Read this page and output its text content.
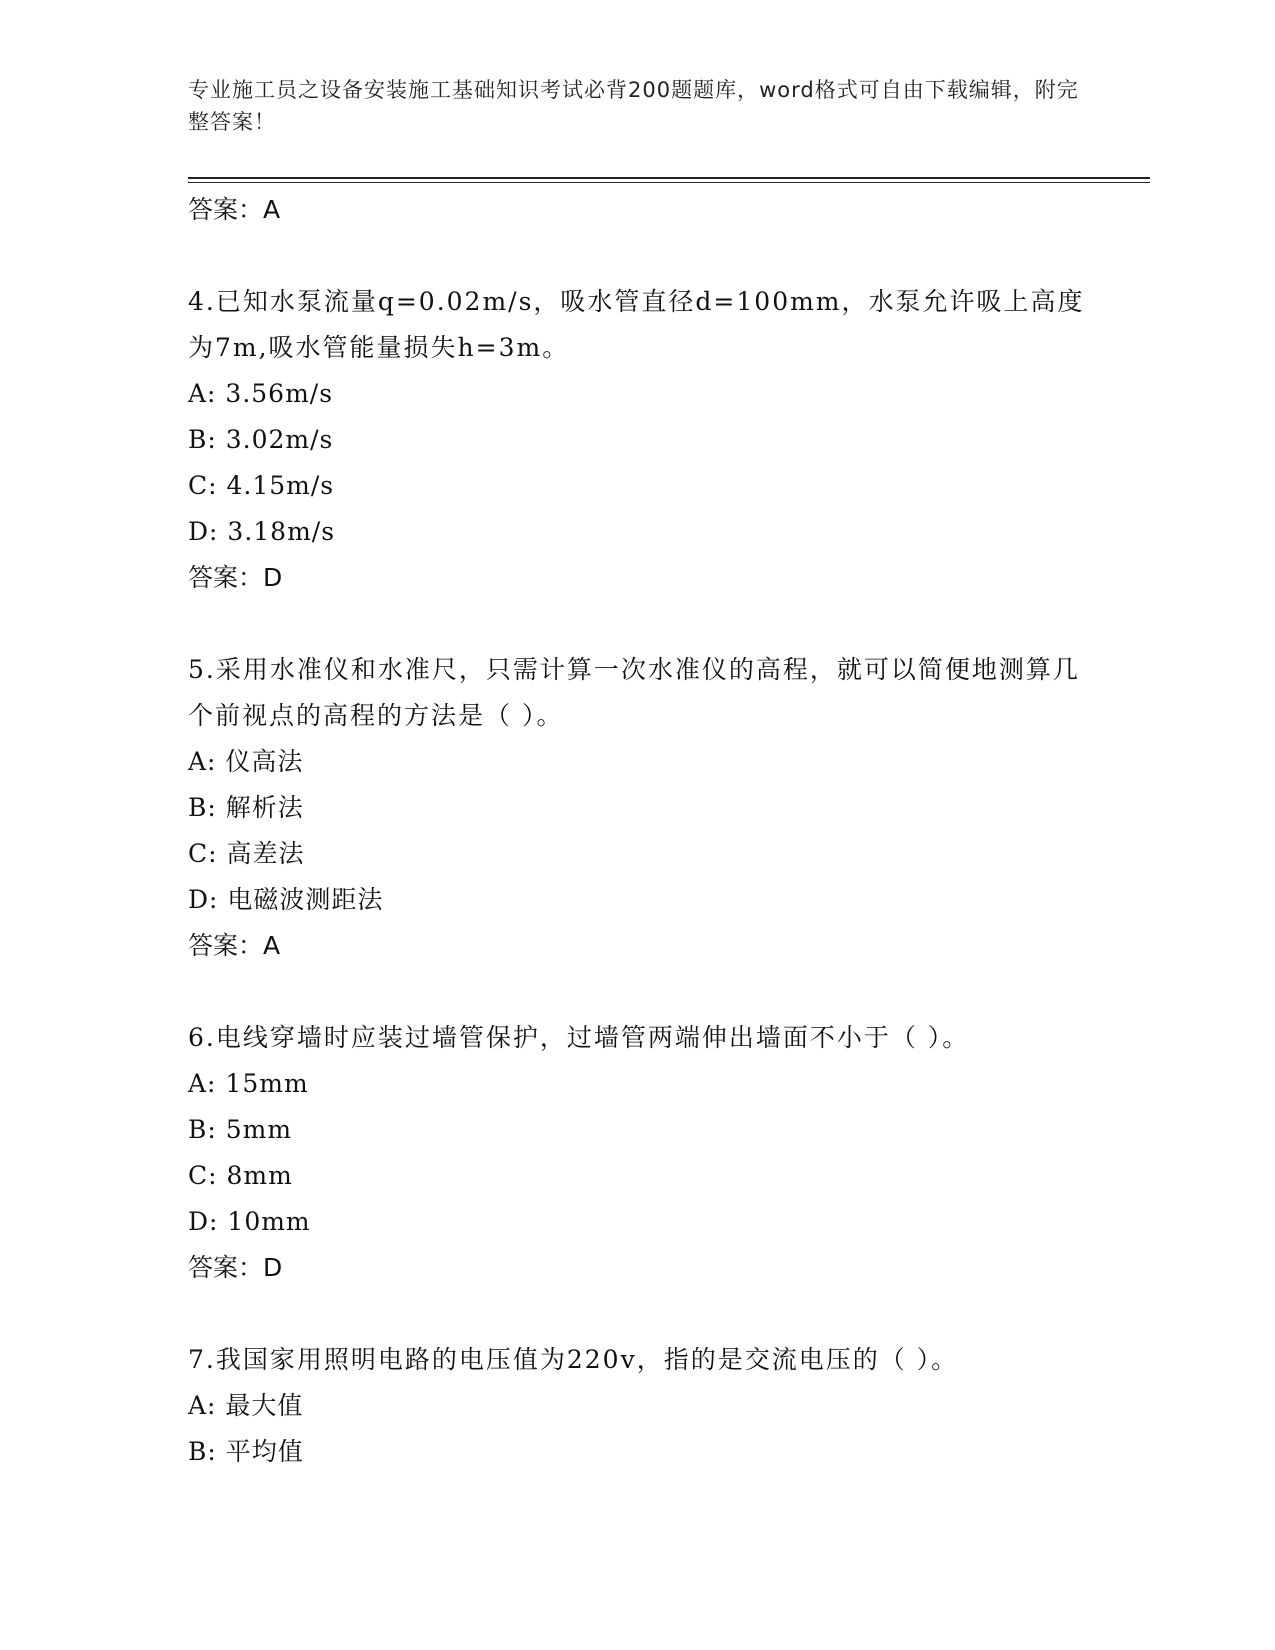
专业施工员之设备安装施工基础知识考试必背200题题库，word格式可自由下载编辑，附完整答案！
答案：A
4.已知水泵流量q=0.02m/s，吸水管直径d=100mm，水泵允许吸上高度为7m,吸水管能量损失h=3m。
A: 3.56m/s
B: 3.02m/s
C: 4.15m/s
D: 3.18m/s
答案：D
5.采用水准仪和水准尺，只需计算一次水准仪的高程，就可以简便地测算几个前视点的高程的方法是（ ）。
A: 仪高法
B: 解析法
C: 高差法
D: 电磁波测距法
答案：A
6.电线穿墙时应装过墙管保护，过墙管两端伸出墙面不小于（ ）。
A: 15mm
B: 5mm
C: 8mm
D: 10mm
答案：D
7.我国家用照明电路的电压值为220v，指的是交流电压的（ ）。
A: 最大值
B: 平均值
